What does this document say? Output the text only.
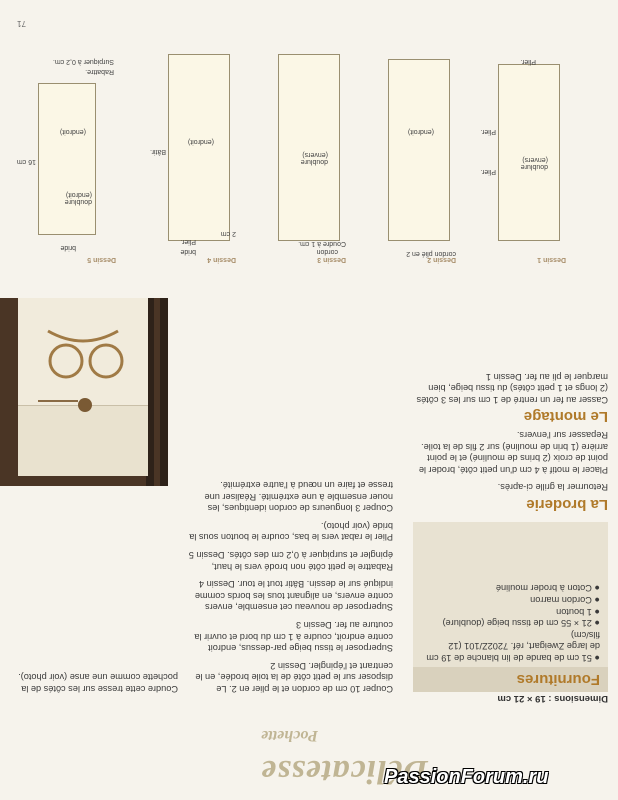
Délicatesse
Pochette
Dimensions : 19 × 21 cm
Fournitures
● 51 cm de bande de lin blanche de 19 cm de large Zweigart, réf. 7202Z/101 (12 fils/cm)
● 21 × 55 cm de tissu beige (doublure)
● 1 bouton
● Cordon marron
● Coton à broder mouliné
La broderie

Retourner la grille ci-après.

Placer le motif à 4 cm d'un petit côté, broder le point de croix (2 brins de mouliné) et le point arrière (1 brin de mouliné) sur 2 fils de la toile. Repasser sur l'envers.

Le montage

Casser au fer un rentré de 1 cm sur les 3 côtés (2 longs et 1 petit côtés) du tissu beige, bien marquer le pli au fer. Dessin 1

Couper 10 cm de cordon et le plier en 2. Le disposer sur le petit côté de la toile brodée, en le centrant et l'épingler. Dessin 2

Superposer le tissu beige par-dessus, endroit contre endroit, coudre à 1 cm du bord et ouvrir la couture au fer. Dessin 3

Superposer de nouveau cet ensemble, envers contre envers, en alignant tous les bords comme indiqué sur le dessin. Bâtir tout le tour. Dessin 4

Rabattre le petit côté non brodé vers le haut, épingler et surpiquer à 0,2 cm des côtés. Dessin 5

Plier le rabat vers le bas, coudre le bouton sous la bride (voir photo).

Couper 3 longueurs de cordon identiques, les nouer ensemble à une extrémité. Réaliser une tresse et faire un nœud à l'autre extrémité.

Coudre cette tresse sur les côtés de la pochette comme une anse (voir photo).

Dessin 1
doublure (envers)
Plier.
Plier.
Plier.
Dessin 2
cordon plié en 2
(endroit)
Dessin 3
cordon
Coudre à 1 cm.
doublure (envers)
Dessin 4
bride
Plier.
2 cm
(endroit)
Bâtir.
Dessin 5
bride
doublure (endroit)
(endroit)
16 cm
Rabattre.
Surpiquer à 0,2 cm.
71
PassionForum.ru
